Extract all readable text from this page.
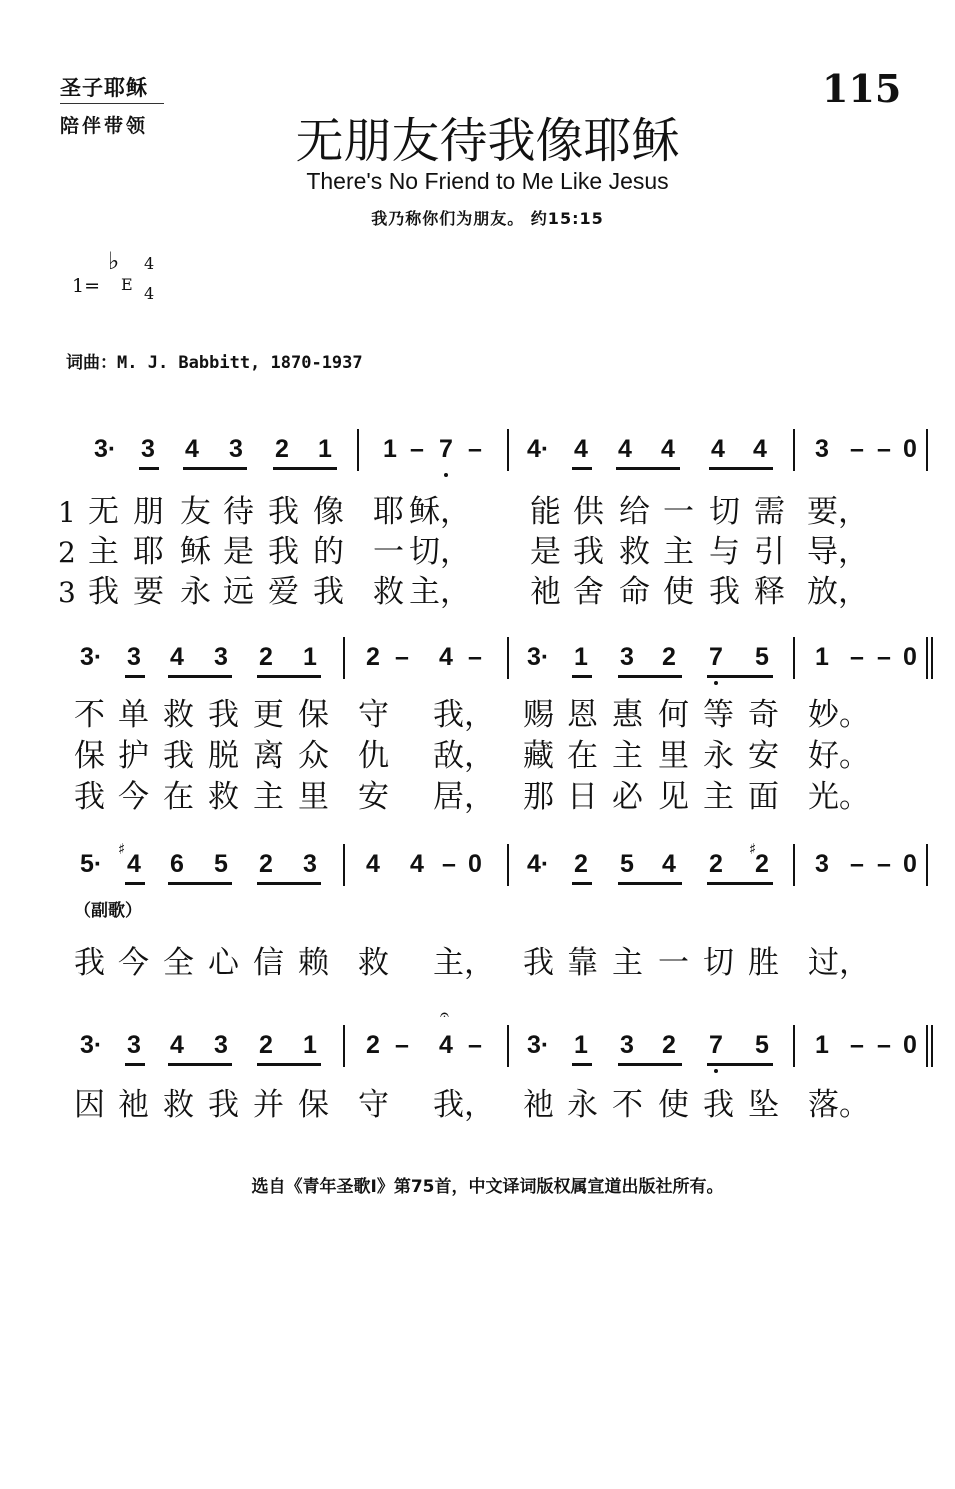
圣子耶稣
陪伴带领
115
无朋友待我像耶稣
There's No Friend to Me Like Jesus
我乃称你们为朋友。 约15:15
1=
♭
E
4
4
词曲：M. J. Babbitt, 1870-1937
（副歌）
选自《青年圣歌Ⅰ》第75首，中文译词版权属宣道出版社所有。
3· 3 4 3 2 1 1 – 7 – 4· 4 4 4 4 4 3 – – 0
3· 3 4 3 2 1 2 – 4 – 3· 1 3 2 7 5 1 – – 0
5· 4 6 5 2 3 4 4 – 0 4· 2 5 4 2 2 3 – – 0
3· 3 4 3 2 1 2 – 4 – 3· 1 3 2 7 5 1 – – 0
♯	♯
𝄐
1 无 朋 友 待 我 像 耶 稣， 能 供 给 一 切 需 要，
2 主 耶 稣 是 我 的 一 切， 是 我 救 主 与 引 导，
3 我 要 永 远 爱 我 救 主， 祂 舍 命 使 我 释 放，
不 单 救 我 更 保 守 我， 赐 恩 惠 何 等 奇 妙。
保 护 我 脱 离 众 仇 敌， 藏 在 主 里 永 安 好。
我 今 在 救 主 里 安 居， 那 日 必 见 主 面 光。
我 今 全 心 信 赖 救 主， 我 靠 主 一 切 胜 过，
因 祂 救 我 并 保 守 我， 祂 永 不 使 我 坠 落。
